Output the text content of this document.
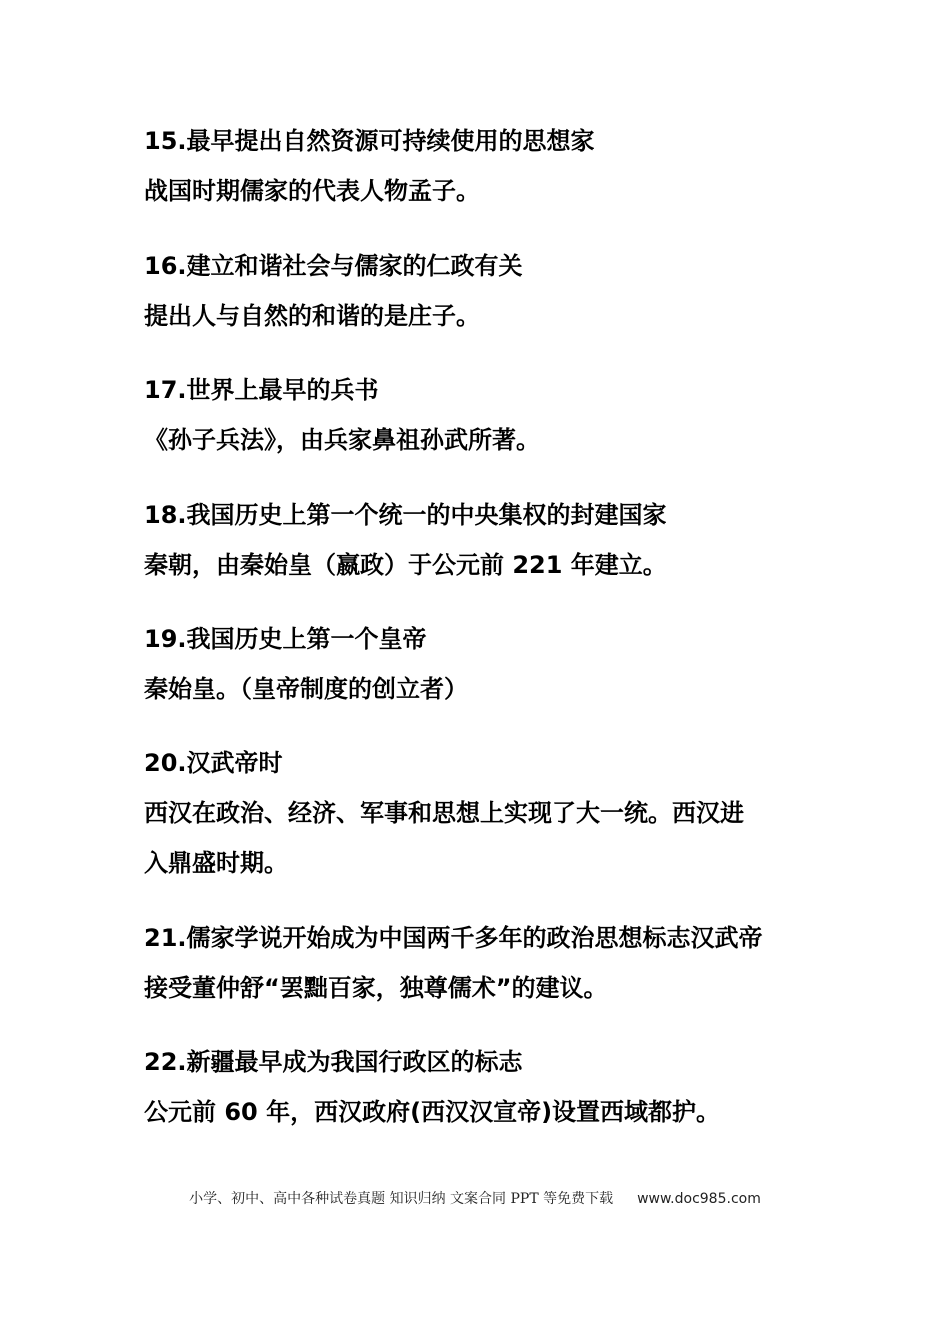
15.最早提出自然资源可持续使用的思想家
战国时期儒家的代表人物孟子。
16.建立和谐社会与儒家的仁政有关
提出人与自然的和谐的是庄子。
17.世界上最早的兵书
《孙子兵法》，由兵家鼻祖孙武所著。
18.我国历史上第一个统一的中央集权的封建国家
秦朝，由秦始皇（嬴政）于公元前 221 年建立。
19.我国历史上第一个皇帝
秦始皇。（皇帝制度的创立者）
20.汉武帝时
西汉在政治、经济、军事和思想上实现了大一统。西汉进
入鼎盛时期。
21.儒家学说开始成为中国两千多年的政治思想标志汉武帝
接受董仲舒“罢黜百家，独尊儒术”的建议。
22.新疆最早成为我国行政区的标志
公元前 60 年，西汉政府(西汉汉宣帝)设置西域都护。
小学、初中、高中各种试卷真题 知识归纳 文案合同 PPT 等免费下载 www.doc985.com
